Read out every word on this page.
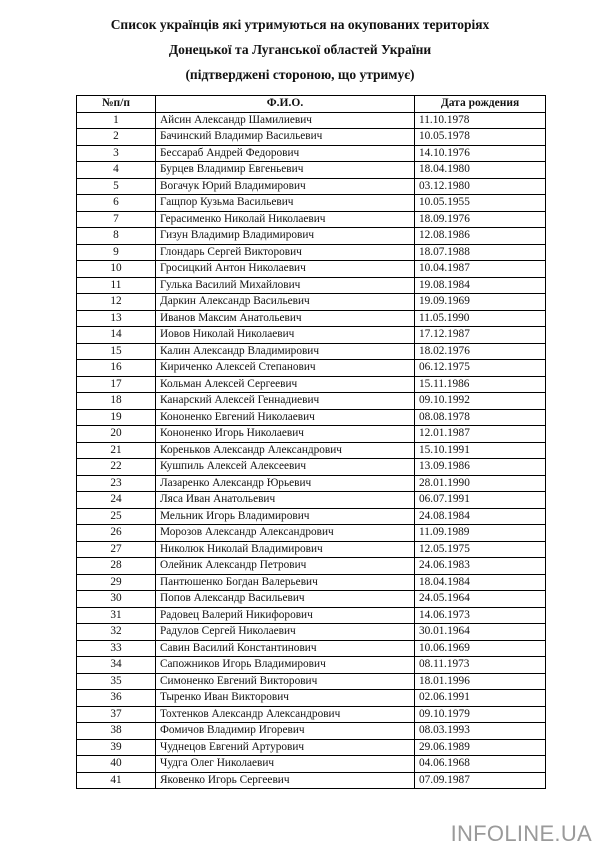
Список українців які утримуються на окупованих територіях
Донецької та Луганської областей України
(підтверджені стороною, що утримує)
№п/п	Ф.И.О.	Дата рождения
1	Айсин Александр Шамилиевич	11.10.1978
2	Бачинский Владимир Васильевич	10.05.1978
3	Бессараб Андрей Федорович	14.10.1976
4	Бурцев Владимир Евгеньевич	18.04.1980
5	Вогачук Юрий Владимирович	03.12.1980
6	Гащпор Кузьма Васильевич	10.05.1955
7	Герасименко Николай Николаевич	18.09.1976
8	Гизун Владимир Владимирович	12.08.1986
9	Глондарь Сергей Викторович	18.07.1988
10	Гросицкий Антон Николаевич	10.04.1987
11	Гулька Василий Михайлович	19.08.1984
12	Даркин Александр Васильевич	19.09.1969
13	Иванов Максим Анатольевич	11.05.1990
14	Иовов Николай Николаевич	17.12.1987
15	Калин Александр Владимирович	18.02.1976
16	Кириченко Алексей Степанович	06.12.1975
17	Кольман Алексей Сергеевич	15.11.1986
18	Канарский Алексей Геннадиевич	09.10.1992
19	Кононенко Евгений Николаевич	08.08.1978
20	Кононенко Игорь Николаевич	12.01.1987
21	Кореньков Александр Александрович	15.10.1991
22	Кушпиль Алексей Алексеевич	13.09.1986
23	Лазаренко Александр Юрьевич	28.01.1990
24	Ляса Иван Анатольевич	06.07.1991
25	Мельник Игорь Владимирович	24.08.1984
26	Морозов Александр Александрович	11.09.1989
27	Николюк Николай Владимирович	12.05.1975
28	Олейник Александр Петрович	24.06.1983
29	Пантюшенко Богдан Валерьевич	18.04.1984
30	Попов Александр Васильевич	24.05.1964
31	Радовец Валерий Никифорович	14.06.1973
32	Радулов Сергей Николаевич	30.01.1964
33	Савин Василий Константинович	10.06.1969
34	Сапожников Игорь Владимирович	08.11.1973
35	Симоненко Евгений Викторович	18.01.1996
36	Тыренко Иван Викторович	02.06.1991
37	Тохтенков Александр Александрович	09.10.1979
38	Фомичов Владимир Игоревич	08.03.1993
39	Чуднецов Евгений Артурович	29.06.1989
40	Чудга Олег Николаевич	04.06.1968
41	Яковенко Игорь Сергеевич	07.09.1987
INFOLINE.UA
